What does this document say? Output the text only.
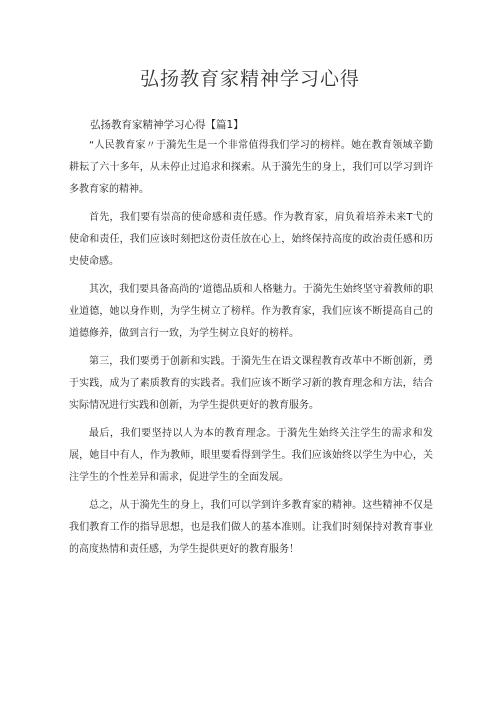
弘扬教育家精神学习心得
弘扬教育家精神学习心得【篇1】

“人民教育家〃于漪先生是一个非常值得我们学习的榜样。她在教育领域辛勤耕耘了六十多年，从未停止过追求和探索。从于漪先生的身上，我们可以学习到许多教育家的精神。

首先，我们要有崇高的使命感和责任感。作为教育家，肩负着培养未来T弋的使命和责任，我们应该时刻把这份责任放在心上，始终保持高度的政治责任感和历史使命感。

其次，我们要具备高尚的‘道德品质和人格魅力。于漪先生始终坚守着教师的职业道德，她以身作则，为学生树立了榜样。作为教育家，我们应该不断提高自己的道德修养，做到言行一致，为学生树立良好的榜样。

第三，我们要勇于创新和实践。于漪先生在语文课程教育改革中不断创新，勇于实践，成为了素质教育的实践者。我们应该不断学习新的教育理念和方法，结合实际情况进行实践和创新，为学生提供更好的教育服务。

最后，我们要坚持以人为本的教育理念。于漪先生始终关注学生的需求和发展，她目中有人，作为教师，眼里要看得到学生。我们应该始终以学生为中心，关注学生的个性差异和需求，促进学生的全面发展。

总之，从于漪先生的身上，我们可以学到许多教育家的精神。这些精神不仅是我们教育工作的指导思想，也是我们做人的基本准则。让我们时刻保持对教育事业的高度热情和责任感，为学生提供更好的教育服务！
